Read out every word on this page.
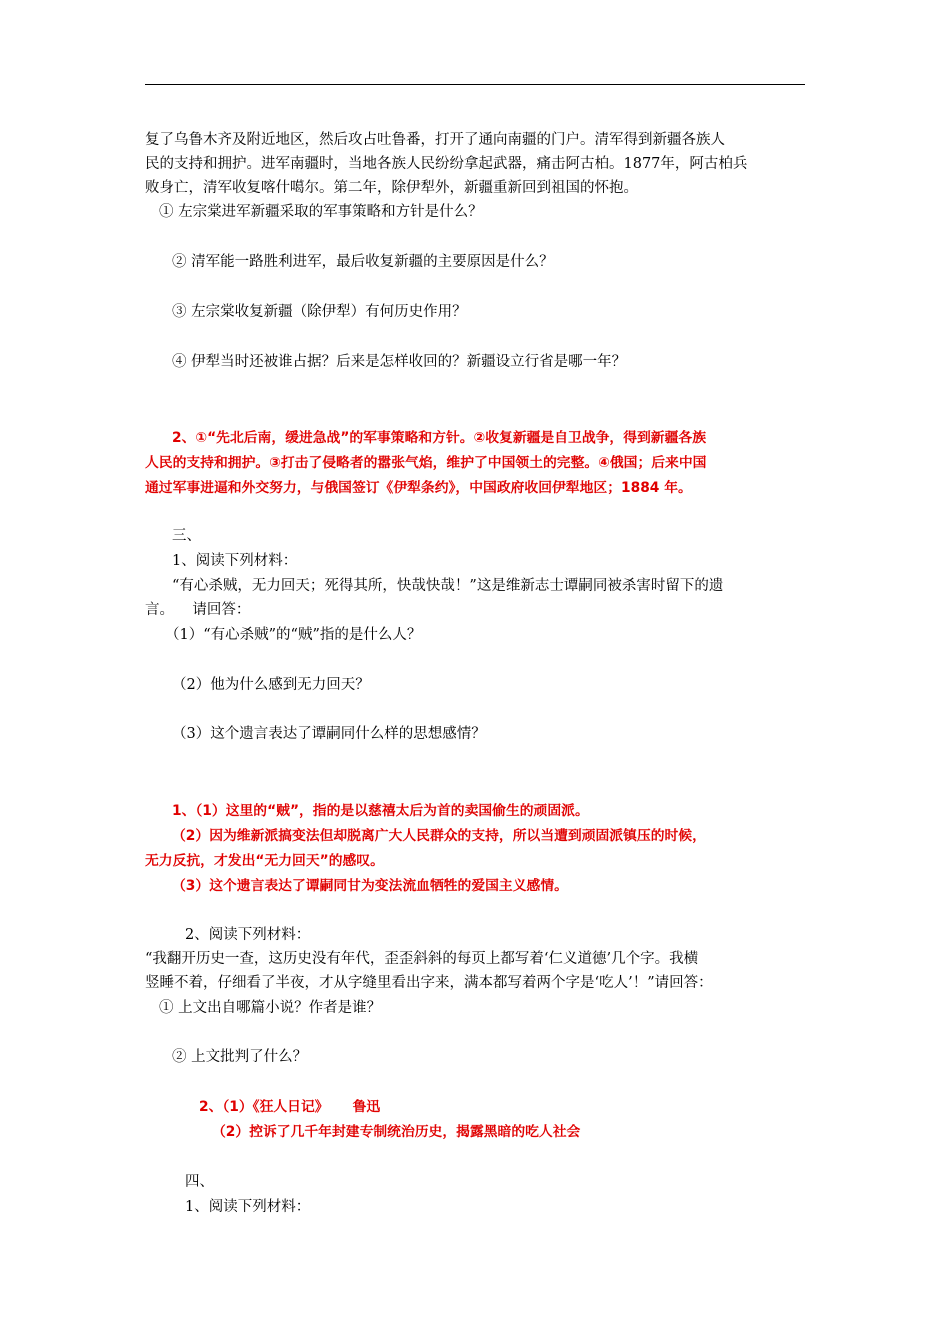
复了乌鲁木齐及附近地区，然后攻占吐鲁番，打开了通向南疆的门户。清军得到新疆各族人
民的支持和拥护。进军南疆时，当地各族人民纷纷拿起武器，痛击阿古柏。1877年，阿古柏兵
败身亡，清军收复喀什噶尔。第二年，除伊犁外，新疆重新回到祖国的怀抱。
① 左宗棠进军新疆采取的军事策略和方针是什么？
② 清军能一路胜利进军，最后收复新疆的主要原因是什么？
③ 左宗棠收复新疆（除伊犁）有何历史作用？
④ 伊犁当时还被谁占据？后来是怎样收回的？新疆设立行省是哪一年？
2、①“先北后南，缓进急战”的军事策略和方针。②收复新疆是自卫战争，得到新疆各族
人民的支持和拥护。③打击了侵略者的嚣张气焰，维护了中国领土的完整。④俄国；后来中国
通过军事进逼和外交努力，与俄国签订《伊犁条约》，中国政府收回伊犁地区；1884 年。
三、
1、阅读下列材料：
“有心杀贼，无力回天；死得其所，快哉快哉！”这是维新志士谭嗣同被杀害时留下的遗
言。    请回答：
（1）“有心杀贼”的“贼”指的是什么人？
（2）他为什么感到无力回天？
（3）这个遗言表达了谭嗣同什么样的思想感情？
1、（1）这里的“贼”，指的是以慈禧太后为首的卖国偷生的顽固派。
（2）因为维新派搞变法但却脱离广大人民群众的支持，所以当遭到顽固派镇压的时候，
无力反抗，才发出“无力回天”的感叹。
（3）这个遗言表达了谭嗣同甘为变法流血牺牲的爱国主义感情。
2、阅读下列材料：
“我翻开历史一查，这历史没有年代，歪歪斜斜的每页上都写着‘仁义道德’几个字。我横
竖睡不着，仔细看了半夜，才从字缝里看出字来，满本都写着两个字是‘吃人’！”请回答：
① 上文出自哪篇小说？作者是谁？
② 上文批判了什么？
2、（1）《狂人日记》     鲁迅
（2）控诉了几千年封建专制统治历史，揭露黑暗的吃人社会
四、
1、阅读下列材料：
